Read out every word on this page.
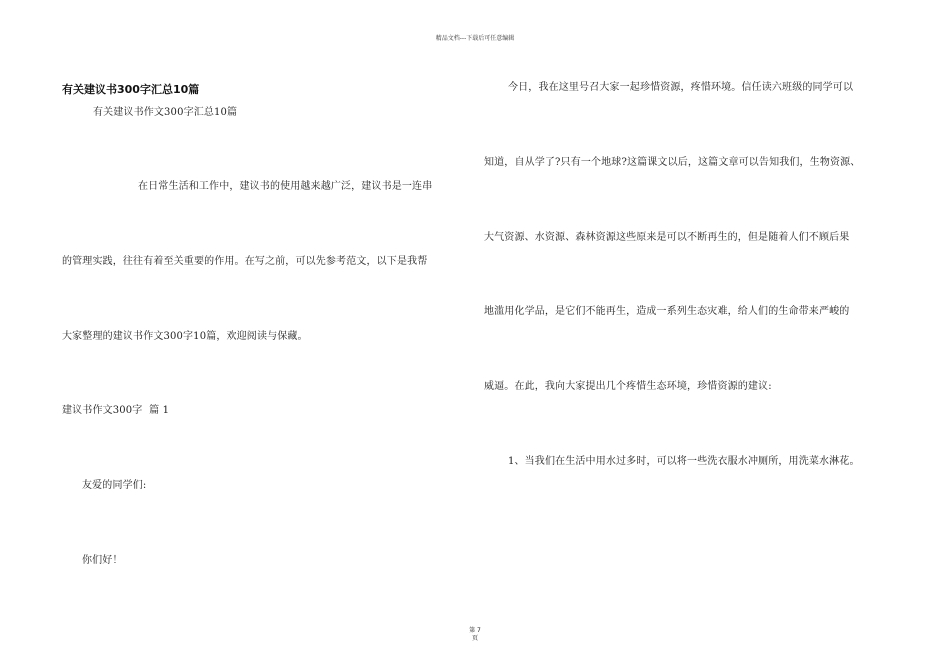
精品文档---下载后可任意编辑
有关建议书300字汇总10篇
有关建议书作文300字汇总10篇
在日常生活和工作中，建议书的使用越来越广泛，建议书是一连串
的管理实践，往往有着至关重要的作用。在写之前，可以先参考范文，以下是我帮
大家整理的建议书作文300字10篇，欢迎阅读与保藏。
建议书作文300字  篇 1
友爱的同学们:
你们好！
今日，我在这里号召大家一起珍惜资源，疼惜环境。信任读六班级的同学可以
知道，自从学了?只有一个地球?这篇课文以后，这篇文章可以告知我们，生物资源、
大气资源、水资源、森林资源这些原来是可以不断再生的，但是随着人们不顾后果
地滥用化学品，是它们不能再生，造成一系列生态灾难，给人们的生命带来严峻的
威逼。在此，我向大家提出几个疼惜生态环境，珍惜资源的建议:
1、当我们在生活中用水过多时，可以将一些洗衣服水冲厕所，用洗菜水淋花。
第 7
页
